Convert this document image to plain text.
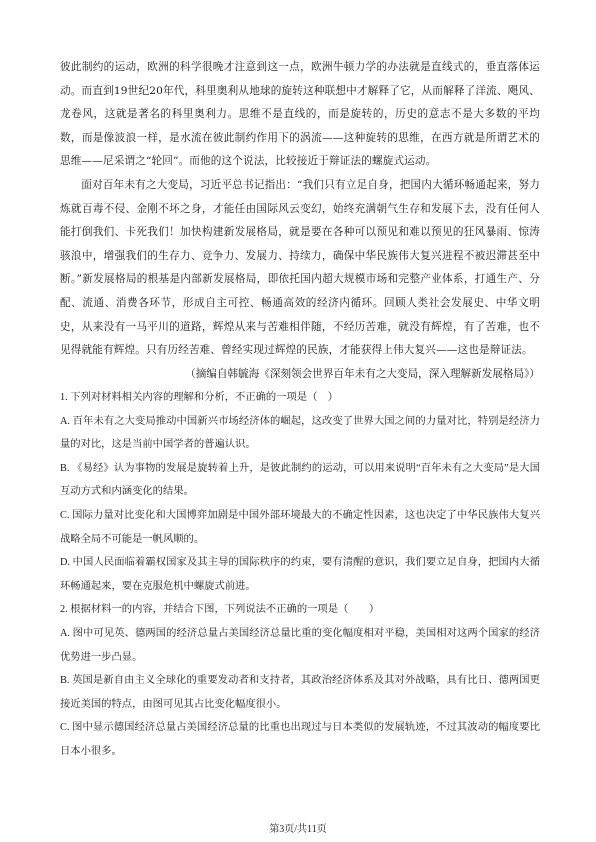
彼此制约的运动，欧洲的科学很晚才注意到这一点，欧洲牛顿力学的办法就是直线式的，垂直落体运动。而直到19世纪20年代，科里奥利从地球的旋转这种联想中才解释了它，从而解释了洋流、飓风、龙卷风，这就是著名的科里奥利力。思维不是直线的，而是旋转的，历史的意志不是大多数的平均数，而是像波浪一样，是水流在彼此制约作用下的涡流——这种旋转的思维，在西方就是所谓艺术的思维——尼采谓之“轮回”。而他的这个说法，比较接近于辩证法的螺旋式运动。

面对百年未有之大变局，习近平总书记指出：“我们只有立足自身，把国内大循环畅通起来，努力炼就百毒不侵、金刚不坏之身，才能任由国际风云变幻，始终充满朝气生存和发展下去，没有任何人能打倒我们、卡死我们！加快构建新发展格局，就是要在各种可以预见和难以预见的狂风暴雨、惊涛骇浪中，增强我们的生存力、竞争力、发展力、持续力，确保中华民族伟大复兴进程不被迟滞甚至中断。”新发展格局的根基是内部新发展格局，即依托国内超大规模市场和完整产业体系，打通生产、分配、流通、消费各环节，形成自主可控、畅通高效的经济内循环。回顾人类社会发展史、中华文明史，从来没有一马平川的道路，辉煌从来与苦难相伴随，不经历苦难，就没有辉煌，有了苦难，也不见得就能有辉煌。只有历经苦难、曾经实现过辉煌的民族，才能获得上伟大复兴——这也是辩证法。

（摘编自韩毓海《深刻领会世界百年未有之大变局，深入理解新发展格局》）

1. 下列对材料相关内容的理解和分析，不正确的一项是（　）

A. 百年未有之大变局推动中国新兴市场经济体的崛起，这改变了世界大国之间的力量对比，特别是经济力量的对比，这是当前中国学者的普遍认识。

B. 《易经》认为事物的发展是旋转着上升，是彼此制约的运动，可以用来说明“百年未有之大变局”是大国互动方式和内涵变化的结果。

C. 国际力量对比变化和大国博弈加剧是中国外部环境最大的不确定性因素，这也决定了中华民族伟大复兴战略全局不可能是一帆风顺的。

D. 中国人民面临着霸权国家及其主导的国际秩序的约束，要有清醒的意识，我们要立足自身，把国内大循环畅通起来，要在克服危机中螺旋式前进。

2. 根据材料一的内容，并结合下图，下列说法不正确的一项是（　　）

A. 图中可见英、德两国的经济总量占美国经济总量比重的变化幅度相对平稳，美国相对这两个国家的经济优势进一步凸显。

B. 英国是新自由主义全球化的重要发动者和支持者，其政治经济体系及其对外战略，具有比日、德两国更接近美国的特点，由图可见其占比变化幅度很小。

C. 图中显示德国经济总量占美国经济总量的比重也出现过与日本类似的发展轨迹，不过其波动的幅度要比日本小很多。

第3页/共11页
